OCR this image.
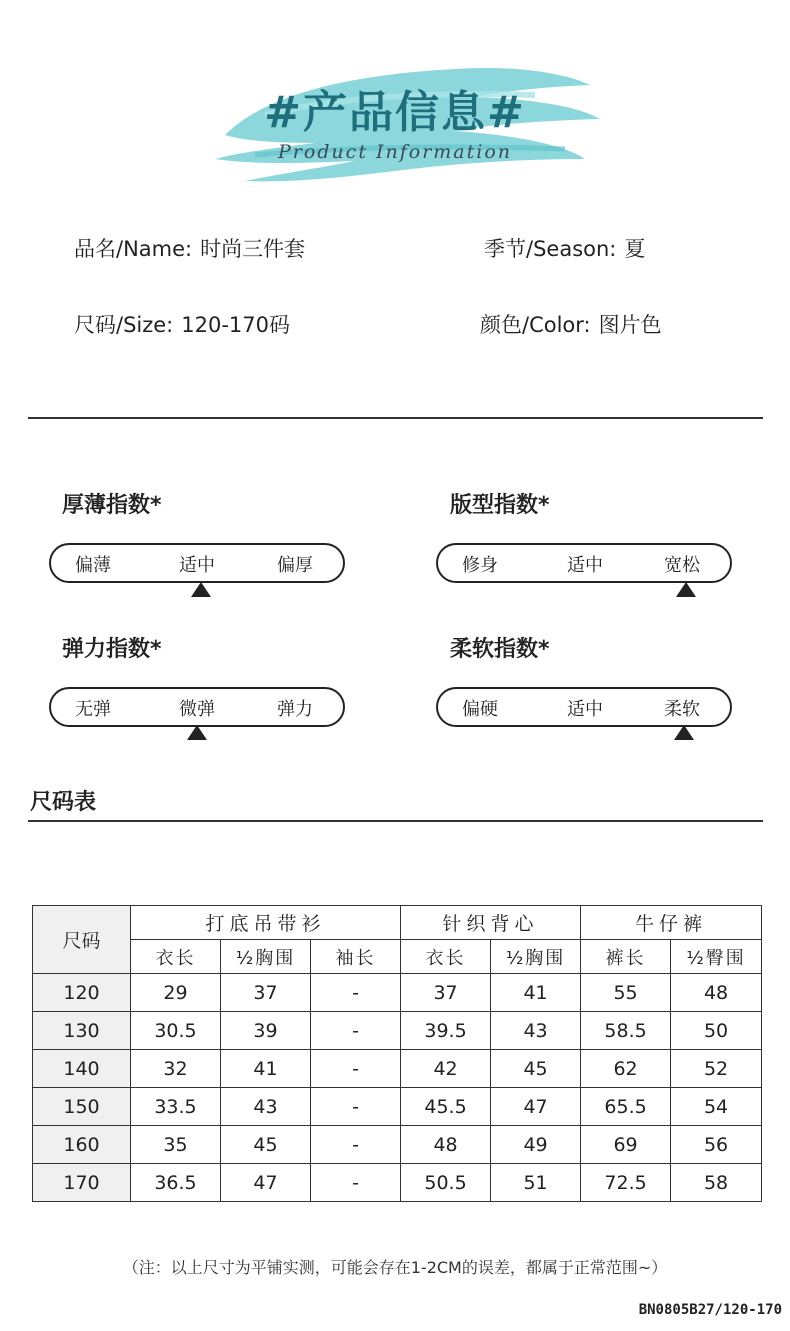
#产品信息#
Product Information
品名/Name: 时尚三件套	季节/Season: 夏
尺码/Size: 120-170码	颜色/Color: 图片色
厚薄指数*
偏薄	适中	偏厚
版型指数*
修身	适中	宽松
弹力指数*
无弹	微弹	弹力
柔软指数*
偏硬	适中	柔软
尺码表
尺码	打底吊带衫			针织背心		牛仔裤	
	衣长	½胸围	袖长	衣长	½胸围	裤长	½臀围
120	29	37	-	37	41	55	48
130	30.5	39	-	39.5	43	58.5	50
140	32	41	-	42	45	62	52
150	33.5	43	-	45.5	47	65.5	54
160	35	45	-	48	49	69	56
170	36.5	47	-	50.5	51	72.5	58
（注：以上尺寸为平铺实测，可能会存在1-2CM的误差，都属于正常范围~）
BN0805B27/120-170
